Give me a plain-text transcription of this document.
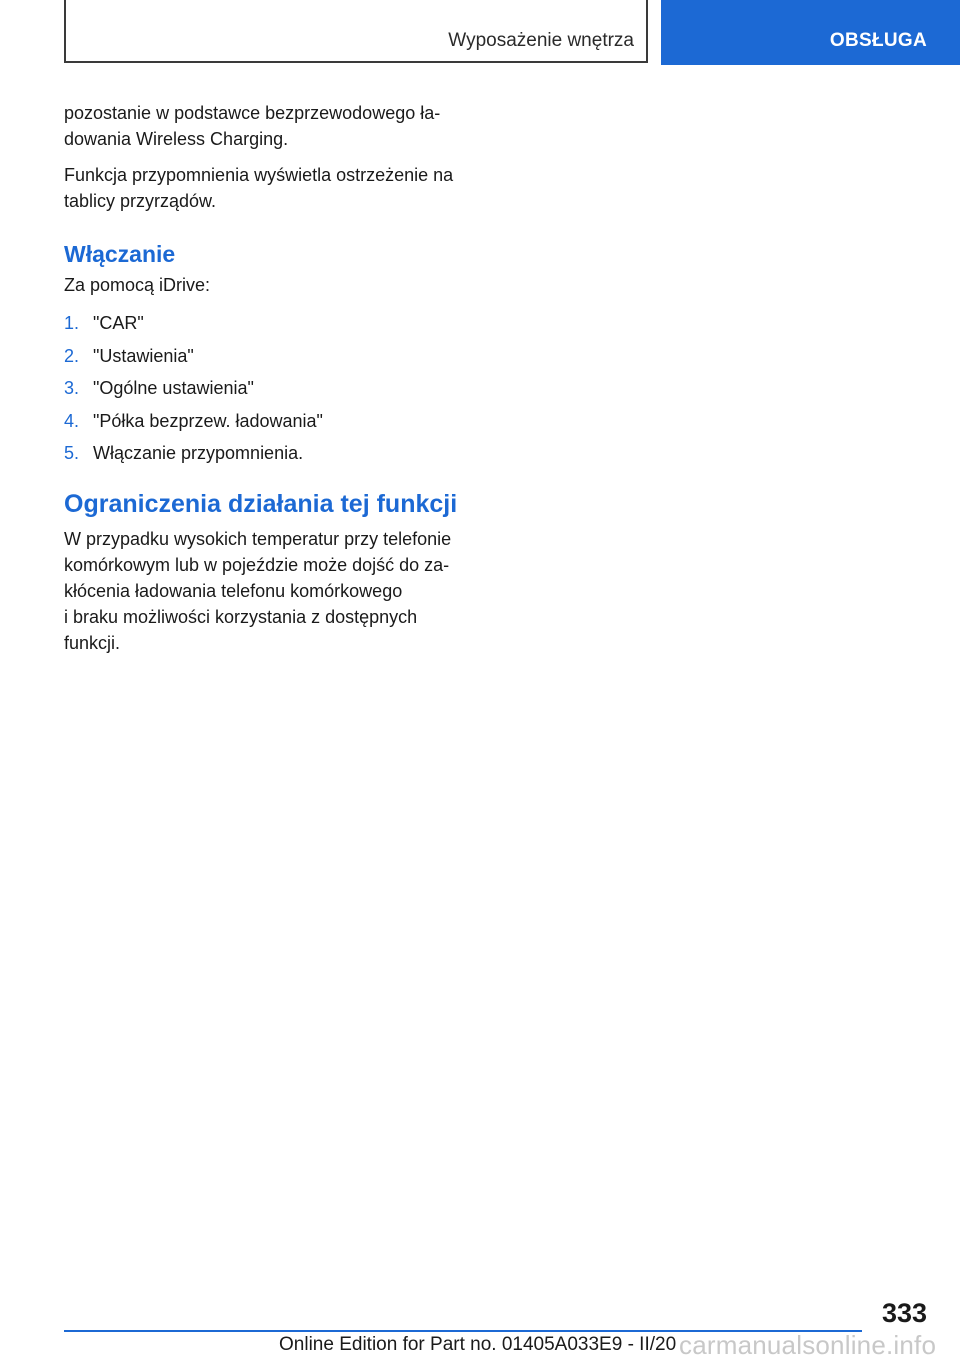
Wyposażenie wnętrza	OBSŁUGA

pozostanie w podstawce bezprzewodowego ła-
dowania Wireless Charging.

Funkcja przypomnienia wyświetla ostrzeżenie na
tablicy przyrządów.

Włączanie

Za pomocą iDrive:

1. "CAR"
2. "Ustawienia"
3. "Ogólne ustawienia"
4. "Półka bezprzew. ładowania"
5. Włączanie przypomnienia.
Ograniczenia działania tej funkcji

W przypadku wysokich temperatur przy telefonie
komórkowym lub w pojeździe może dojść do za-
kłócenia ładowania telefonu komórkowego
i braku możliwości korzystania z dostępnych
funkcji.

333
Online Edition for Part no. 01405A033E9 - II/20 carmanualsonline.info
